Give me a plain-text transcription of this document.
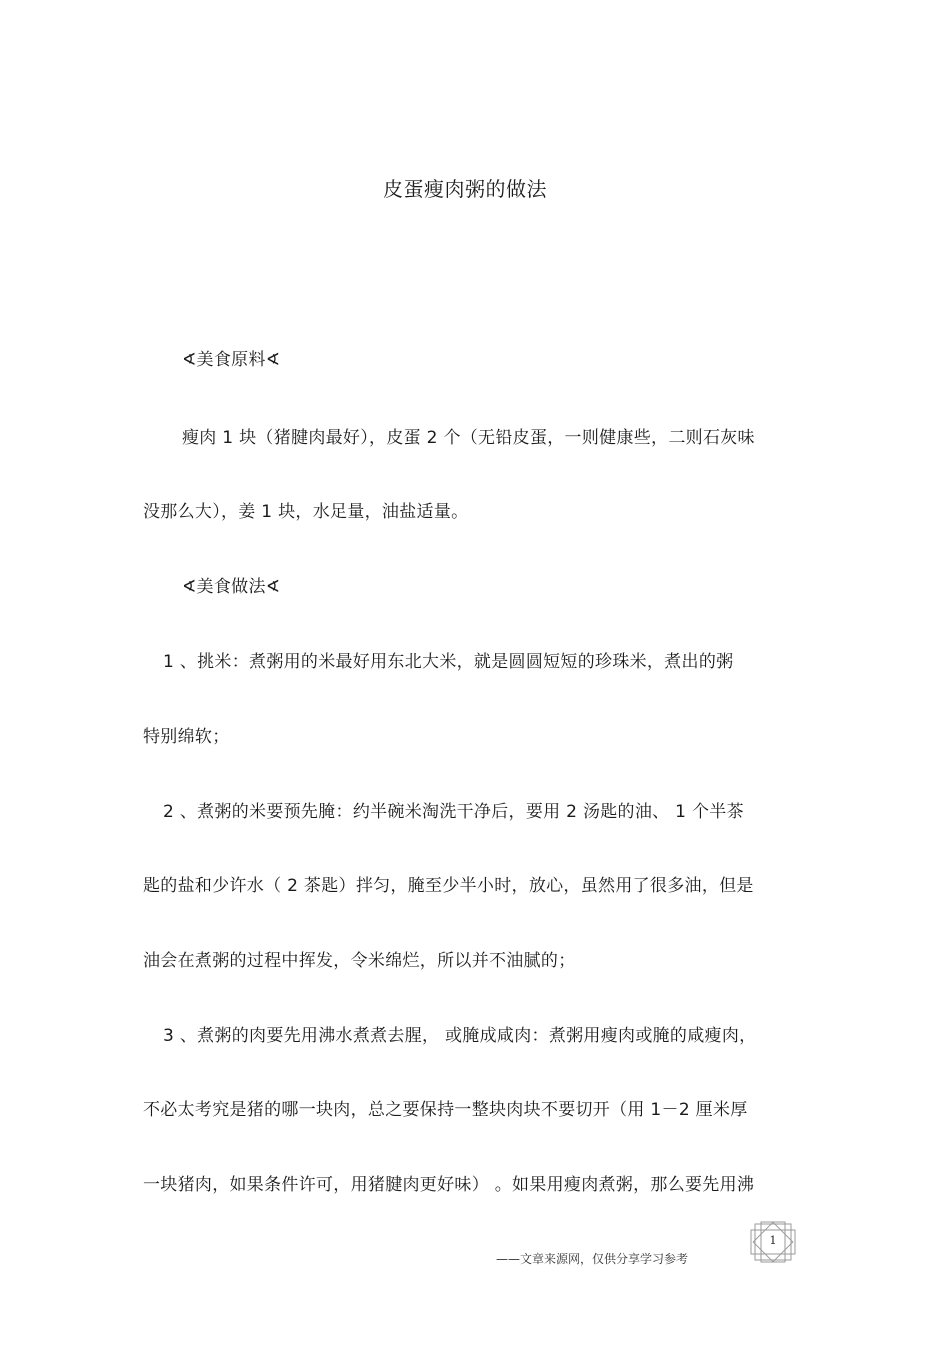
皮蛋瘦肉粥的做法
∢美食原料∢
瘦肉 1 块（猪腱肉最好），皮蛋 2 个（无铅皮蛋，一则健康些，二则石灰味
没那么大），姜 1 块，水足量，油盐适量。
∢美食做法∢
1 、挑米：煮粥用的米最好用东北大米，就是圆圆短短的珍珠米，煮出的粥
特别绵软；
2 、煮粥的米要预先腌：约半碗米淘洗干净后，要用 2 汤匙的油、 1 个半茶
匙的盐和少许水（ 2 茶匙）拌匀，腌至少半小时，放心，虽然用了很多油，但是
油会在煮粥的过程中挥发，令米绵烂，所以并不油腻的；
3 、煮粥的肉要先用沸水煮煮去腥， 或腌成咸肉：煮粥用瘦肉或腌的咸瘦肉，
不必太考究是猪的哪一块肉，总之要保持一整块肉块不要切开（用 1－2 厘米厚
一块猪肉，如果条件许可，用猪腱肉更好味） 。如果用瘦肉煮粥，那么要先用沸
——文章来源网，仅供分享学习参考
1
